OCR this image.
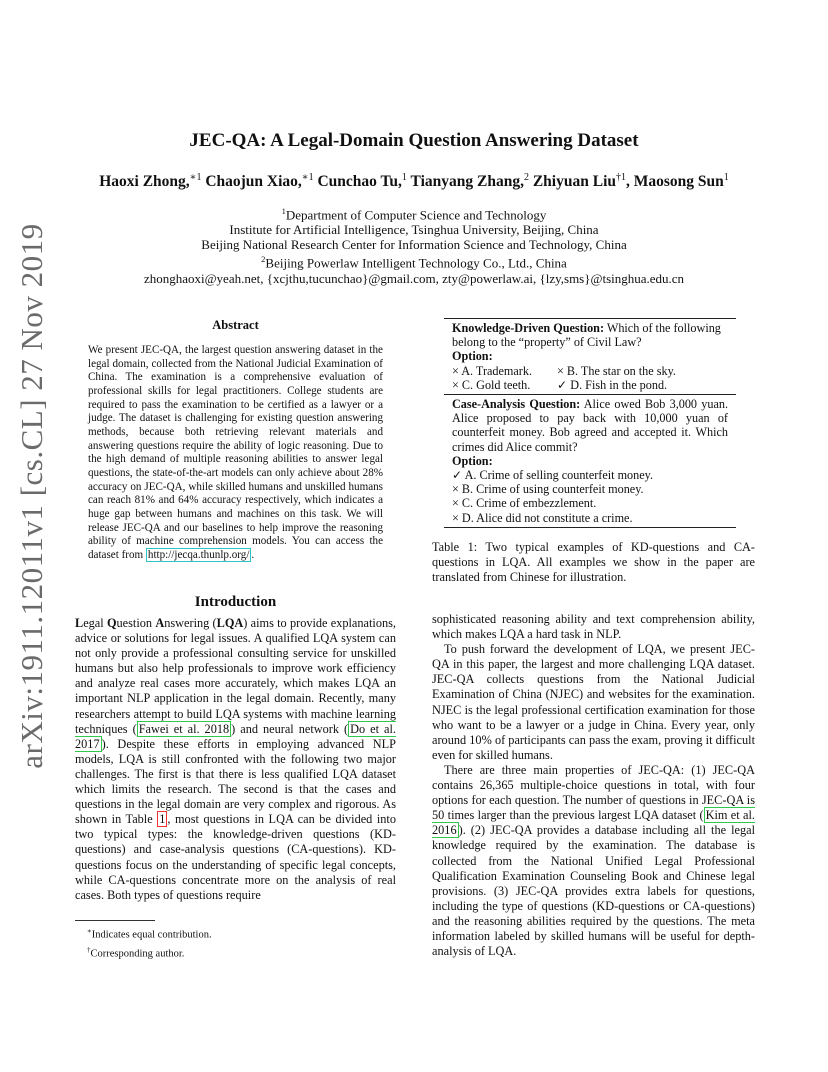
arXiv:1911.12011v1 [cs.CL] 27 Nov 2019
JEC-QA: A Legal-Domain Question Answering Dataset
Haoxi Zhong,$^{∗1}$ Chaojun Xiao,$^{∗1}$ Cunchao Tu,$^1$ Tianyang Zhang,$^2$ Zhiyuan Liu$^{\dagger 1}$, Maosong Sun$^1$
$^1$Department of Computer Science and Technology
Institute for Artificial Intelligence, Tsinghua University, Beijing, China
Beijing National Research Center for Information Science and Technology, China
$^2$Beijing Powerlaw Intelligent Technology Co., Ltd., China
zhonghaoxi@yeah.net, {xcjthu,tucunchao}@gmail.com, zty@powerlaw.ai, {lzy,sms}@tsinghua.edu.cn
Abstract
We present JEC-QA, the largest question answering dataset in the legal domain, collected from the National Judicial Examination of China. The examination is a comprehensive evaluation of professional skills for legal practitioners. College students are required to pass the examination to be certified as a lawyer or a judge. The dataset is challenging for existing question answering methods, because both retrieving relevant materials and answering questions require the ability of logic reasoning. Due to the high demand of multiple reasoning abilities to answer legal questions, the state-of-the-art models can only achieve about 28% accuracy on JEC-QA, while skilled humans and unskilled humans can reach 81% and 64% accuracy respectively, which indicates a huge gap between humans and machines on this task. We will release JEC-QA and our baselines to help improve the reasoning ability of machine comprehension models. You can access the dataset from http://jecqa.thunlp.org/ .
Introduction

Legal Question Answering (LQA) aims to provide explanations, advice or solutions for legal issues. A qualified LQA system can not only provide a professional consulting service for unskilled humans but also help professionals to improve work efficiency and analyze real cases more accurately, which makes LQA an important NLP application in the legal domain. Recently, many researchers attempt to build LQA systems with machine learning techniques ( Fawei et al. 2018 ) and neural network ( Do et al. 2017 ). Despite these efforts in employing advanced NLP models, LQA is still confronted with the following two major challenges. The first is that there is less qualified LQA dataset which limits the research. The second is that the cases and questions in the legal domain are very complex and rigorous. As shown in Table 1 , most questions in LQA can be divided into two typical types: the knowledge-driven questions (KD-questions) and case-analysis questions (CA-questions). KD-questions focus on the understanding of specific legal concepts, while CA-questions concentrate more on the analysis of real cases. Both types of questions require

∗Indicates equal contribution.
†Corresponding author.
Knowledge-Driven Question: Which of the following belong to the “property” of Civil Law?
Option:
× A. Trademark.	× B. The star on the sky.
× C. Gold teeth.	✓ D. Fish in the pond.
Case-Analysis Question: Alice owed Bob 3,000 yuan. Alice proposed to pay back with 10,000 yuan of counterfeit money. Bob agreed and accepted it. Which crimes did Alice commit?
Option:
✓ A. Crime of selling counterfeit money.
× B. Crime of using counterfeit money.
× C. Crime of embezzlement.
× D. Alice did not constitute a crime.
Table 1: Two typical examples of KD-questions and CA-questions in LQA. All examples we show in the paper are translated from Chinese for illustration.

sophisticated reasoning ability and text comprehension ability, which makes LQA a hard task in NLP.

To push forward the development of LQA, we present JEC-QA in this paper, the largest and more challenging LQA dataset. JEC-QA collects questions from the National Judicial Examination of China (NJEC) and websites for the examination. NJEC is the legal professional certification examination for those who want to be a lawyer or a judge in China. Every year, only around 10% of participants can pass the exam, proving it difficult even for skilled humans.

There are three main properties of JEC-QA: (1) JEC-QA contains 26,365 multiple-choice questions in total, with four options for each question. The number of questions in JEC-QA is 50 times larger than the previous largest LQA dataset ( Kim et al. 2016 ). (2) JEC-QA provides a database including all the legal knowledge required by the examination. The database is collected from the National Unified Legal Professional Qualification Examination Counseling Book and Chinese legal provisions. (3) JEC-QA provides extra labels for questions, including the type of questions (KD-questions or CA-questions) and the reasoning abilities required by the questions. The meta information labeled by skilled humans will be useful for depth-analysis of LQA.
